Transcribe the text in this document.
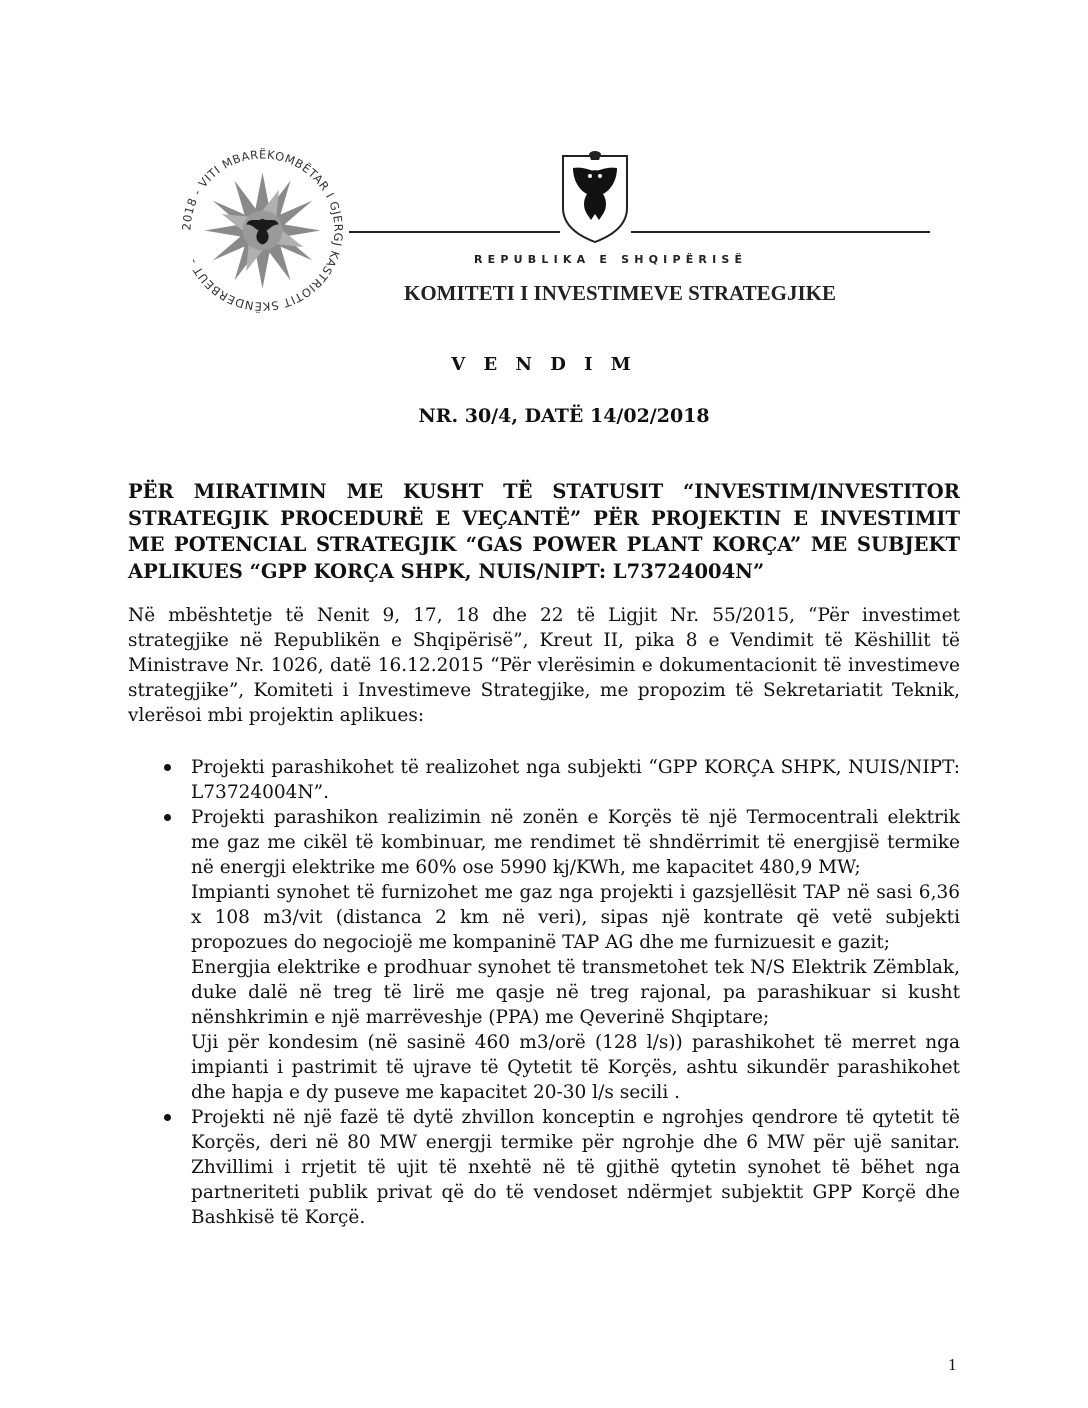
2018 - VITI MBARËKOMBËTAR I GJERGJ KASTRIOTIT SKËNDERBEUT -	REPUBLIKA E SHQIPËRISË
KOMITETI I INVESTIMEVE STRATEGJIKE
V E N D I M
NR. 30/4, DATË 14/02/2018

PËR MIRATIMIN ME KUSHT TË STATUSIT “INVESTIM/INVESTITOR STRATEGJIK PROCEDURË E VEÇANTË” PËR PROJEKTIN E INVESTIMIT ME POTENCIAL STRATEGJIK “GAS POWER PLANT KORÇA” ME SUBJEKT APLIKUES “GPP KORÇA SHPK, NUIS/NIPT: L73724004N”

Në mbështetje të Nenit 9, 17, 18 dhe 22 të Ligjit Nr. 55/2015, “Për investimet strategjike në Republikën e Shqipërisë”, Kreut II, pika 8 e Vendimit të Këshillit të Ministrave Nr. 1026, datë 16.12.2015 “Për vlerësimin e dokumentacionit të investimeve strategjike”, Komiteti i Investimeve Strategjike, me propozim të Sekretariatit Teknik, vlerësoi mbi projektin aplikues:

Projekti parashikohet të realizohet nga subjekti “GPP KORÇA SHPK, NUIS/NIPT: L73724004N”.
Projekti parashikon realizimin në zonën e Korçës të një Termocentrali elektrik me gaz me cikël të kombinuar, me rendimet të shndërrimit të energjisë termike në energji elektrike me 60% ose 5990 kj/KWh, me kapacitet 480,9 MW;
Impianti synohet të furnizohet me gaz nga projekti i gazsjellësit TAP në sasi 6,36 x 108 m3/vit (distanca 2 km në veri), sipas një kontrate që vetë subjekti propozues do negociojë me kompaninë TAP AG dhe me furnizuesit e gazit;
Energjia elektrike e prodhuar synohet të transmetohet tek N/S Elektrik Zëmblak, duke dalë në treg të lirë me qasje në treg rajonal, pa parashikuar si kusht nënshkrimin e një marrëveshje (PPA) me Qeverinë Shqiptare;
Uji për kondesim (në sasinë 460 m3/orë (128 l/s)) parashikohet të merret nga impianti i pastrimit të ujrave të Qytetit të Korçës, ashtu sikundër parashikohet dhe hapja e dy puseve me kapacitet 20-30 l/s secili .
Projekti në një fazë të dytë zhvillon konceptin e ngrohjes qendrore të qytetit të Korçës, deri në 80 MW energji termike për ngrohje dhe 6 MW për ujë sanitar. Zhvillimi i rrjetit të ujit të nxehtë në të gjithë qytetin synohet të bëhet nga partneriteti publik privat që do të vendoset ndërmjet subjektit GPP Korçë dhe Bashkisë të Korçë.
1
